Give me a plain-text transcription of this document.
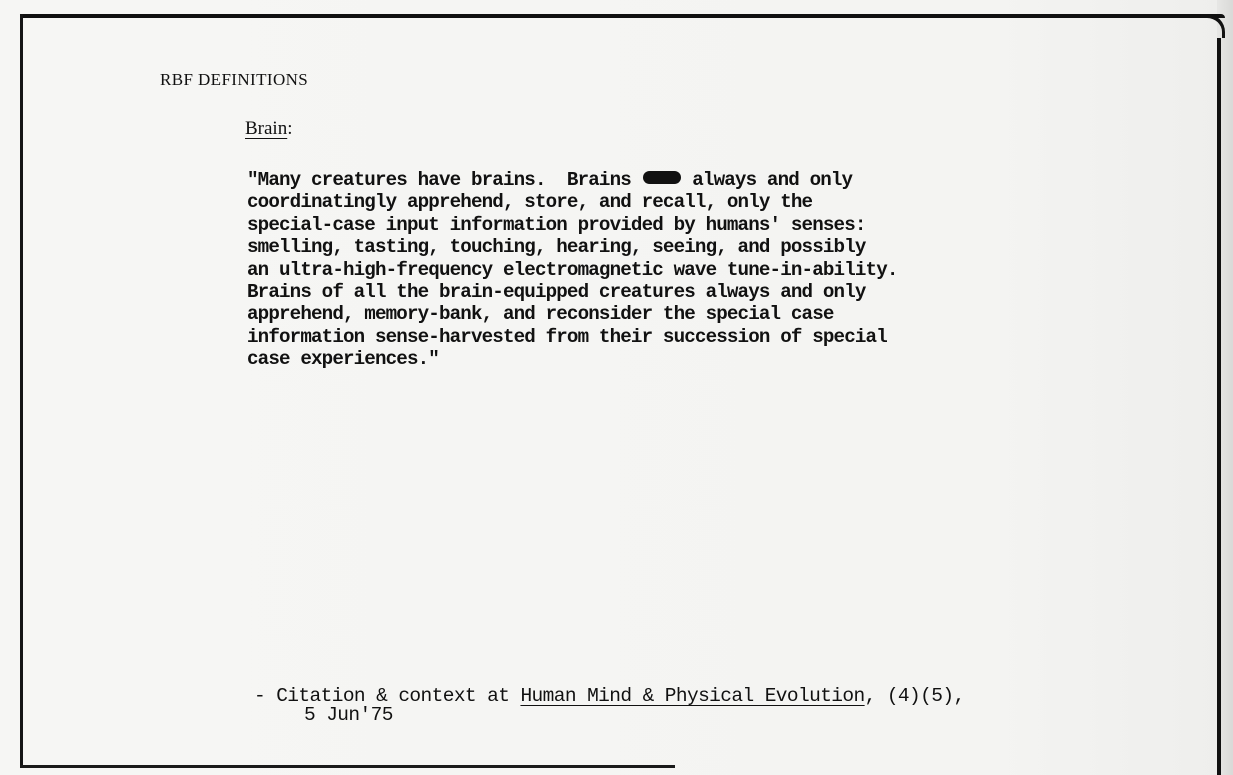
RBF DEFINITIONS
Brain:
"Many creatures have brains.  Brains  always and only
coordinatingly apprehend, store, and recall, only the
special-case input information provided by humans' senses:
smelling, tasting, touching, hearing, seeing, and possibly
an ultra-high-frequency electromagnetic wave tune-in-ability.
Brains of all the brain-equipped creatures always and only
apprehend, memory-bank, and reconsider the special case
information sense-harvested from their succession of special
case experiences."
- Citation & context at Human Mind & Physical Evolution, (4)(5),
5 Jun'75
